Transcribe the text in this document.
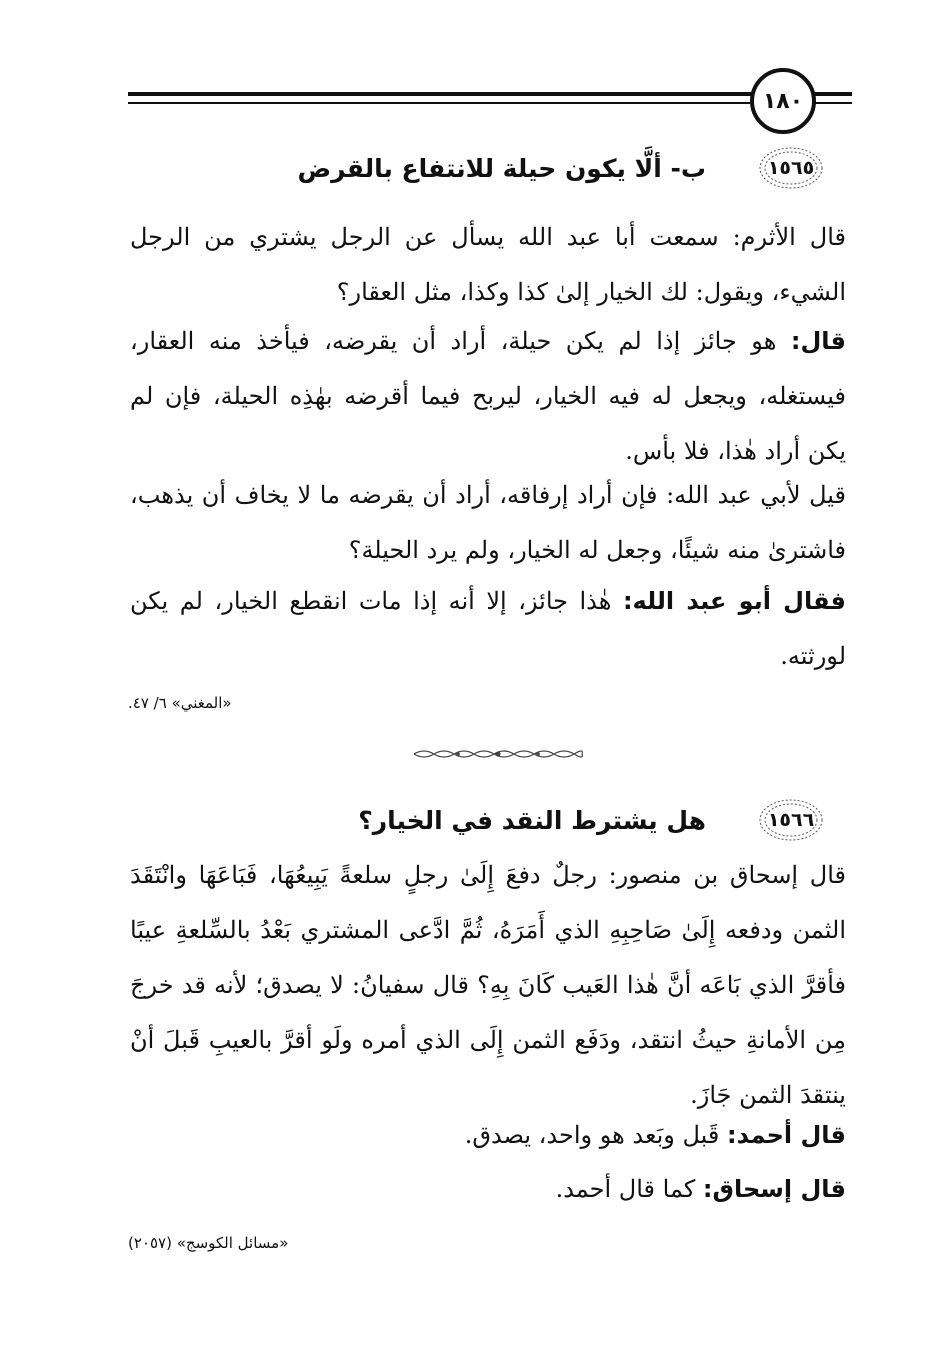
١٨٠
١٥٦٥
ب- ألَّا يكون حيلة للانتفاع بالقرض
قال الأثرم: سمعت أبا عبد الله يسأل عن الرجل يشتري من الرجل الشيء، ويقول: لك الخيار إلىٰ كذا وكذا، مثل العقار؟
قال: هو جائز إذا لم يكن حيلة، أراد أن يقرضه، فيأخذ منه العقار، فيستغله، ويجعل له فيه الخيار، ليربح فيما أقرضه بهٰذِه الحيلة، فإن لم يكن أراد هٰذا، فلا بأس.
قيل لأبي عبد الله: فإن أراد إرفاقه، أراد أن يقرضه ما لا يخاف أن يذهب، فاشترىٰ منه شيئًا، وجعل له الخيار، ولم يرد الحيلة؟
فقال أبو عبد الله: هٰذا جائز، إلا أنه إذا مات انقطع الخيار، لم يكن لورثته.
«المغني» ٦/ ٤٧.
١٥٦٦
هل يشترط النقد في الخيار؟
قال إسحاق بن منصور: رجلٌ دفعَ إِلَىٰ رجلٍ سلعةً يَبِيعُهَا، فَبَاعَهَا وانْتَقَدَ الثمن ودفعه إِلَىٰ صَاحِبِهِ الذي أَمَرَهُ، ثُمَّ ادَّعى المشتري بَعْدُ بالسِّلعةِ عيبًا فأقرَّ الذي بَاعَه أنَّ هٰذا العَيب كَانَ بِهِ؟ قال سفيانُ: لا يصدق؛ لأنه قد خرجَ مِن الأمانةِ حيثُ انتقد، ودَفَع الثمن إِلَى الذي أمره ولَو أقرَّ بالعيبِ قَبلَ أنْ ينتقدَ الثمن جَازَ.
قال أحمد: قَبل وبَعد هو واحد، يصدق.
قال إسحاق: كما قال أحمد.
«مسائل الكوسج» (٢٠٥٧)
